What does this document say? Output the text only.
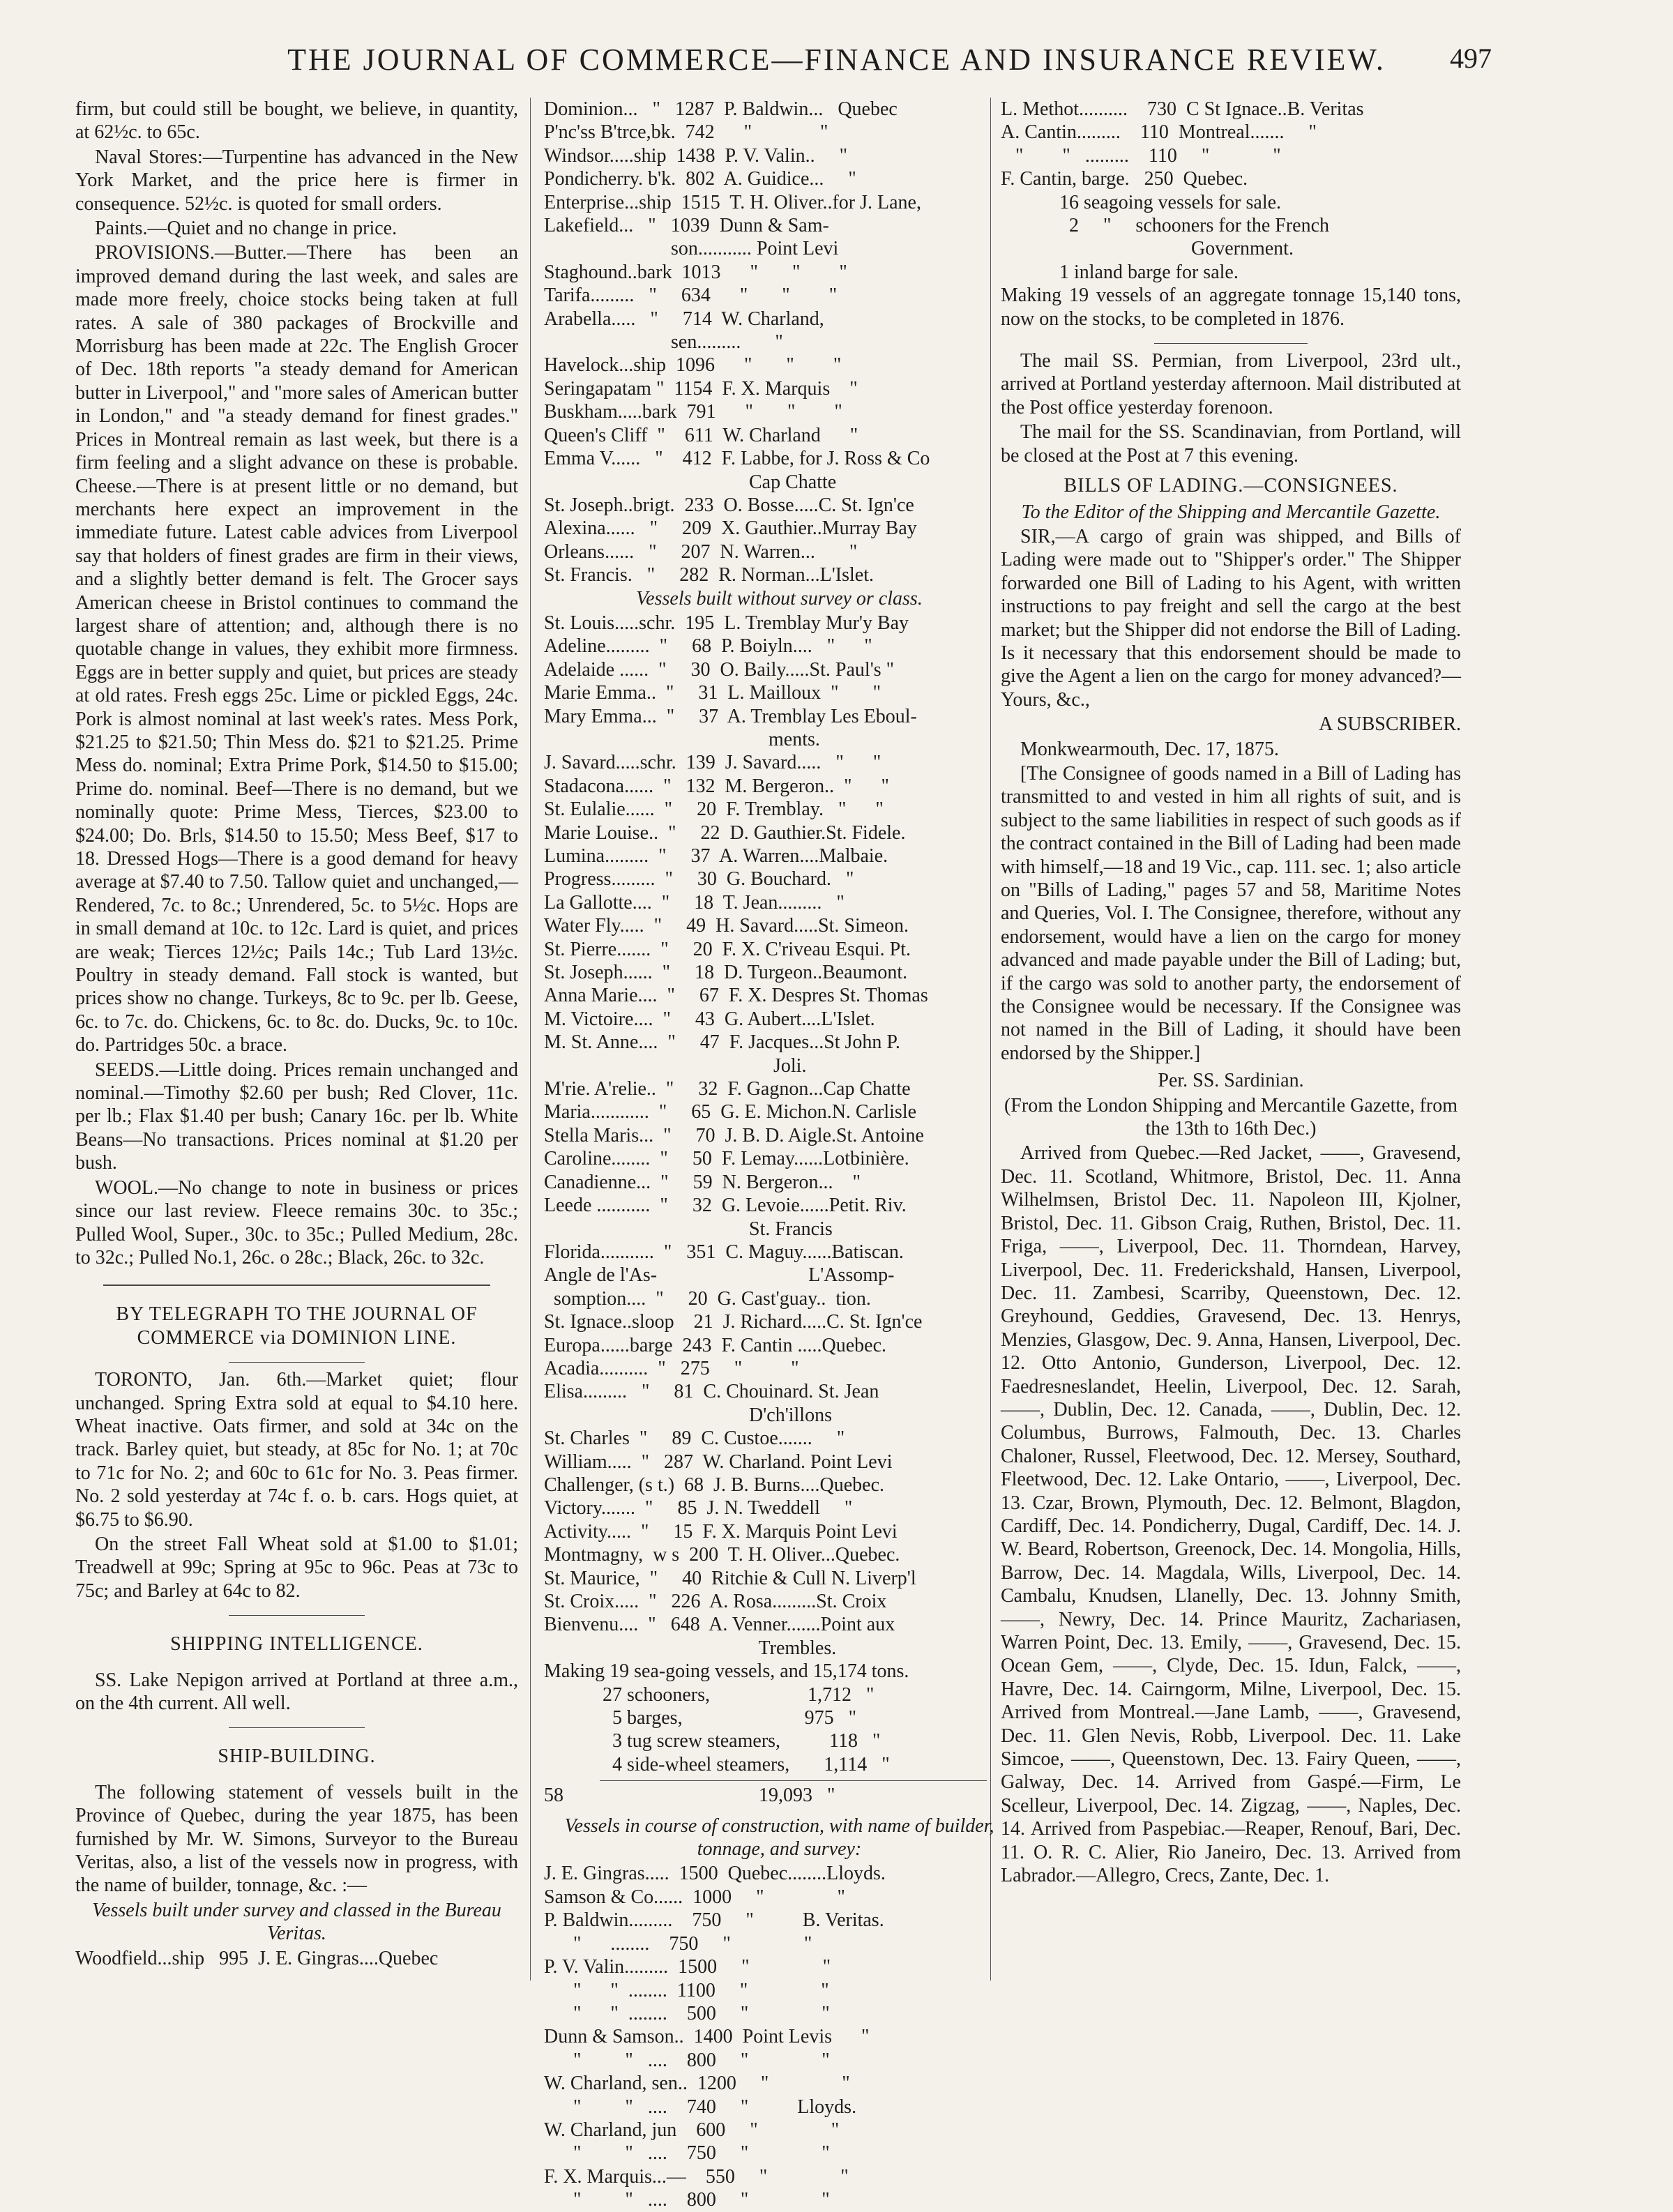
THE JOURNAL OF COMMERCE—FINANCE AND INSURANCE REVIEW.	497

firm, but could still be bought, we believe, in quantity, at 62½c. to 65c.

Naval Stores:—Turpentine has advanced in the New York Market, and the price here is firmer in consequence. 52½c. is quoted for small orders.

Paints.—Quiet and no change in price.

PROVISIONS.—Butter.—There has been an improved demand during the last week, and sales are made more freely, choice stocks being taken at full rates. A sale of 380 packages of Brockville and Morrisburg has been made at 22c. The English Grocer of Dec. 18th reports "a steady demand for American butter in Liverpool," and "more sales of American butter in London," and "a steady demand for finest grades." Prices in Montreal remain as last week, but there is a firm feeling and a slight advance on these is probable. Cheese.—There is at present little or no demand, but merchants here expect an improvement in the immediate future. Latest cable advices from Liverpool say that holders of finest grades are firm in their views, and a slightly better demand is felt. The Grocer says American cheese in Bristol continues to command the largest share of attention; and, although there is no quotable change in values, they exhibit more firmness. Eggs are in better supply and quiet, but prices are steady at old rates. Fresh eggs 25c. Lime or pickled Eggs, 24c. Pork is almost nominal at last week's rates. Mess Pork, $21.25 to $21.50; Thin Mess do. $21 to $21.25. Prime Mess do. nominal; Extra Prime Pork, $14.50 to $15.00; Prime do. nominal. Beef—There is no demand, but we nominally quote: Prime Mess, Tierces, $23.00 to $24.00; Do. Brls, $14.50 to 15.50; Mess Beef, $17 to 18. Dressed Hogs—There is a good demand for heavy average at $7.40 to 7.50. Tallow quiet and unchanged,—Rendered, 7c. to 8c.; Unrendered, 5c. to 5½c. Hops are in small demand at 10c. to 12c. Lard is quiet, and prices are weak; Tierces 12½c; Pails 14c.; Tub Lard 13½c. Poultry in steady demand. Fall stock is wanted, but prices show no change. Turkeys, 8c to 9c. per lb. Geese, 6c. to 7c. do. Chickens, 6c. to 8c. do. Ducks, 9c. to 10c. do. Partridges 50c. a brace.

SEEDS.—Little doing. Prices remain unchanged and nominal.—Timothy $2.60 per bush; Red Clover, 11c. per lb.; Flax $1.40 per bush; Canary 16c. per lb. White Beans—No transactions. Prices nominal at $1.20 per bush.

WOOL.—No change to note in business or prices since our last review. Fleece remains 30c. to 35c.; Pulled Wool, Super., 30c. to 35c.; Pulled Medium, 28c. to 32c.; Pulled No.1, 26c. o 28c.; Black, 26c. to 32c.

BY TELEGRAPH TO THE JOURNAL OF COMMERCE via DOMINION LINE.

TORONTO, Jan. 6th.—Market quiet; flour unchanged. Spring Extra sold at equal to $4.10 here. Wheat inactive. Oats firmer, and sold at 34c on the track. Barley quiet, but steady, at 85c for No. 1; at 70c to 71c for No. 2; and 60c to 61c for No. 3. Peas firmer. No. 2 sold yesterday at 74c f. o. b. cars. Hogs quiet, at $6.75 to $6.90.

On the street Fall Wheat sold at $1.00 to $1.01; Treadwell at 99c; Spring at 95c to 96c. Peas at 73c to 75c; and Barley at 64c to 82.

SHIPPING INTELLIGENCE.

SS. Lake Nepigon arrived at Portland at three a.m., on the 4th current. All well.

SHIP-BUILDING.

The following statement of vessels built in the Province of Quebec, during the year 1875, has been furnished by Mr. W. Simons, Surveyor to the Bureau Veritas, also, a list of the vessels now in progress, with the name of builder, tonnage, &c. :—

Vessels built under survey and classed in the Bureau Veritas.

Woodfield...ship   995  J. E. Gingras....Quebec
Dominion...   "   1287  P. Baldwin...   Quebec
P'nc'ss B'trce,bk.  742      "              "
Windsor.....ship  1438  P. V. Valin..     "
Pondicherry. b'k.  802  A. Guidice...     "
Enterprise...ship  1515  T. H. Oliver..for J. Lane,
Lakefield...   "   1039  Dunn & Sam-
son........... Point Levi
Staghound..bark  1013      "       "        "
Tarifa.........   "     634      "       "        "
Arabella.....   "     714  W. Charland,
sen.........       "
Havelock...ship  1096      "       "        "
Seringapatam "  1154  F. X. Marquis    "
Buskham.....bark  791      "       "        "
Queen's Cliff  "    611  W. Charland      "
Emma V......   "    412  F. Labbe, for J. Ross & Co
Cap Chatte
St. Joseph..brigt.  233  O. Bosse.....C. St. Ign'ce
Alexina......   "     209  X. Gauthier..Murray Bay
Orleans......   "     207  N. Warren...       "
St. Francis.   "     282  R. Norman...L'Islet.

Vessels built without survey or class.

St. Louis.....schr.  195  L. Tremblay Mur'y Bay
Adeline.........  "     68  P. Boiyln....   "      "
Adelaide ......  "     30  O. Baily.....St. Paul's "
Marie Emma..  "     31  L. Mailloux  "       "
Mary Emma...  "     37  A. Tremblay Les Eboul-
ments.
J. Savard.....schr.  139  J. Savard.....   "      "
Stadacona......  "   132  M. Bergeron..  "      "
St. Eulalie......  "     20  F. Tremblay.   "      "
Marie Louise..  "     22  D. Gauthier.St. Fidele.
Lumina.........  "     37  A. Warren....Malbaie.
Progress.........  "     30  G. Bouchard.   "
La Gallotte....  "     18  T. Jean.........   "
Water Fly.....  "     49  H. Savard.....St. Simeon.
St. Pierre.......  "     20  F. X. C'riveau Esqui. Pt.
St. Joseph......  "     18  D. Turgeon..Beaumont.
Anna Marie....  "     67  F. X. Despres St. Thomas
M. Victoire....  "     43  G. Aubert....L'Islet.
M. St. Anne....  "     47  F. Jacques...St John P.
Joli.
M'rie. A'relie..  "     32  F. Gagnon...Cap Chatte
Maria............  "     65  G. E. Michon.N. Carlisle
Stella Maris...  "     70  J. B. D. Aigle.St. Antoine
Caroline........  "     50  F. Lemay......Lotbinière.
Canadienne...  "     59  N. Bergeron...    "
Leede ...........  "     32  G. Levoie......Petit. Riv.
St. Francis
Florida...........  "   351  C. Maguy......Batiscan.
Angle de l'As-                               L'Assomp-
somption....  "     20  G. Cast'guay..  tion.
St. Ignace..sloop    21  J. Richard.....C. St. Ign'ce
Europa......barge  243  F. Cantin .....Quebec.
Acadia..........  "   275     "          "
Elisa.........   "     81  C. Chouinard. St. Jean
D'ch'illons
St. Charles  "     89  C. Custoe.......     "
William.....  "   287  W. Charland. Point Levi
Challenger, (s t.)  68  J. B. Burns....Quebec.
Victory.......  "     85  J. N. Tweddell     "
Activity.....  "     15  F. X. Marquis Point Levi
Montmagny,  w s  200  T. H. Oliver...Quebec.
St. Maurice,  "     40  Ritchie & Cull N. Liverp'l
St. Croix.....  "   226  A. Rosa.........St. Croix
Bienvenu....  "   648  A. Venner.......Point aux
Trembles.
Making 19 sea-going vessels, and 15,174 tons.
27 schooners,                    1,712   "
5 barges,                         975   "
3 tug screw steamers,          118   "
4 side-wheel steamers,       1,114   "
58                                        19,093   "

Vessels in course of construction, with name of builder, tonnage, and survey:

J. E. Gingras.....  1500  Quebec........Lloyds.
Samson & Co......  1000     "               "
P. Baldwin.........    750     "          B. Veritas.
"      ........    750     "               "
P. V. Valin.........  1500     "               "
"      "  ........  1100     "               "
"      "  ........    500     "               "
Dunn & Samson..  1400  Point Levis      "
"         "   ....    800     "               "
W. Charland, sen..  1200     "               "
"         "   ....    740     "          Lloyds.
W. Charland, jun    600     "               "
"         "   ....    750     "               "
F. X. Marquis...—    550     "               "
"         "   ....    800     "               "
L. Methot..........    730  C St Ignace..B. Veritas
A. Cantin.........    110  Montreal.......     "
"        "   .........    110     "             "
F. Cantin, barge.   250  Quebec.
16 seagoing vessels for sale.
2     "     schooners for the French
Government.
1 inland barge for sale.

Making 19 vessels of an aggregate tonnage 15,140 tons, now on the stocks, to be completed in 1876.

The mail SS. Permian, from Liverpool, 23rd ult., arrived at Portland yesterday afternoon. Mail distributed at the Post office yesterday forenoon.

The mail for the SS. Scandinavian, from Portland, will be closed at the Post at 7 this evening.

BILLS OF LADING.—CONSIGNEES.

To the Editor of the Shipping and Mercantile Gazette.

SIR,—A cargo of grain was shipped, and Bills of Lading were made out to "Shipper's order." The Shipper forwarded one Bill of Lading to his Agent, with written instructions to pay freight and sell the cargo at the best market; but the Shipper did not endorse the Bill of Lading. Is it necessary that this endorsement should be made to give the Agent a lien on the cargo for money advanced?—Yours, &c.,

A SUBSCRIBER.

Monkwearmouth, Dec. 17, 1875.

[The Consignee of goods named in a Bill of Lading has transmitted to and vested in him all rights of suit, and is subject to the same liabilities in respect of such goods as if the contract contained in the Bill of Lading had been made with himself,—18 and 19 Vic., cap. 111. sec. 1; also article on "Bills of Lading," pages 57 and 58, Maritime Notes and Queries, Vol. I. The Consignee, therefore, without any endorsement, would have a lien on the cargo for money advanced and made payable under the Bill of Lading; but, if the cargo was sold to another party, the endorsement of the Consignee would be necessary. If the Consignee was not named in the Bill of Lading, it should have been endorsed by the Shipper.]

Per. SS. Sardinian.

(From the London Shipping and Mercantile Gazette, from the 13th to 16th Dec.)

Arrived from Quebec.—Red Jacket, ——, Gravesend, Dec. 11. Scotland, Whitmore, Bristol, Dec. 11. Anna Wilhelmsen, Bristol Dec. 11. Napoleon III, Kjolner, Bristol, Dec. 11. Gibson Craig, Ruthen, Bristol, Dec. 11. Friga, ——, Liverpool, Dec. 11. Thorndean, Harvey, Liverpool, Dec. 11. Frederickshald, Hansen, Liverpool, Dec. 11. Zambesi, Scarriby, Queenstown, Dec. 12. Greyhound, Geddies, Gravesend, Dec. 13. Henrys, Menzies, Glasgow, Dec. 9. Anna, Hansen, Liverpool, Dec. 12. Otto Antonio, Gunderson, Liverpool, Dec. 12. Faedresneslandet, Heelin, Liverpool, Dec. 12. Sarah, ——, Dublin, Dec. 12. Canada, ——, Dublin, Dec. 12. Columbus, Burrows, Falmouth, Dec. 13. Charles Chaloner, Russel, Fleetwood, Dec. 12. Mersey, Southard, Fleetwood, Dec. 12. Lake Ontario, ——, Liverpool, Dec. 13. Czar, Brown, Plymouth, Dec. 12. Belmont, Blagdon, Cardiff, Dec. 14. Pondicherry, Dugal, Cardiff, Dec. 14. J. W. Beard, Robertson, Greenock, Dec. 14. Mongolia, Hills, Barrow, Dec. 14. Magdala, Wills, Liverpool, Dec. 14. Cambalu, Knudsen, Llanelly, Dec. 13. Johnny Smith, ——, Newry, Dec. 14. Prince Mauritz, Zachariasen, Warren Point, Dec. 13. Emily, ——, Gravesend, Dec. 15. Ocean Gem, ——, Clyde, Dec. 15. Idun, Falck, ——, Havre, Dec. 14. Cairngorm, Milne, Liverpool, Dec. 15. Arrived from Montreal.—Jane Lamb, ——, Gravesend, Dec. 11. Glen Nevis, Robb, Liverpool. Dec. 11. Lake Simcoe, ——, Queenstown, Dec. 13. Fairy Queen, ——, Galway, Dec. 14. Arrived from Gaspé.—Firm, Le Scelleur, Liverpool, Dec. 14. Zigzag, ——, Naples, Dec. 14. Arrived from Paspebiac.—Reaper, Renouf, Bari, Dec. 11. O. R. C. Alier, Rio Janeiro, Dec. 13. Arrived from Labrador.—Allegro, Crecs, Zante, Dec. 1.
